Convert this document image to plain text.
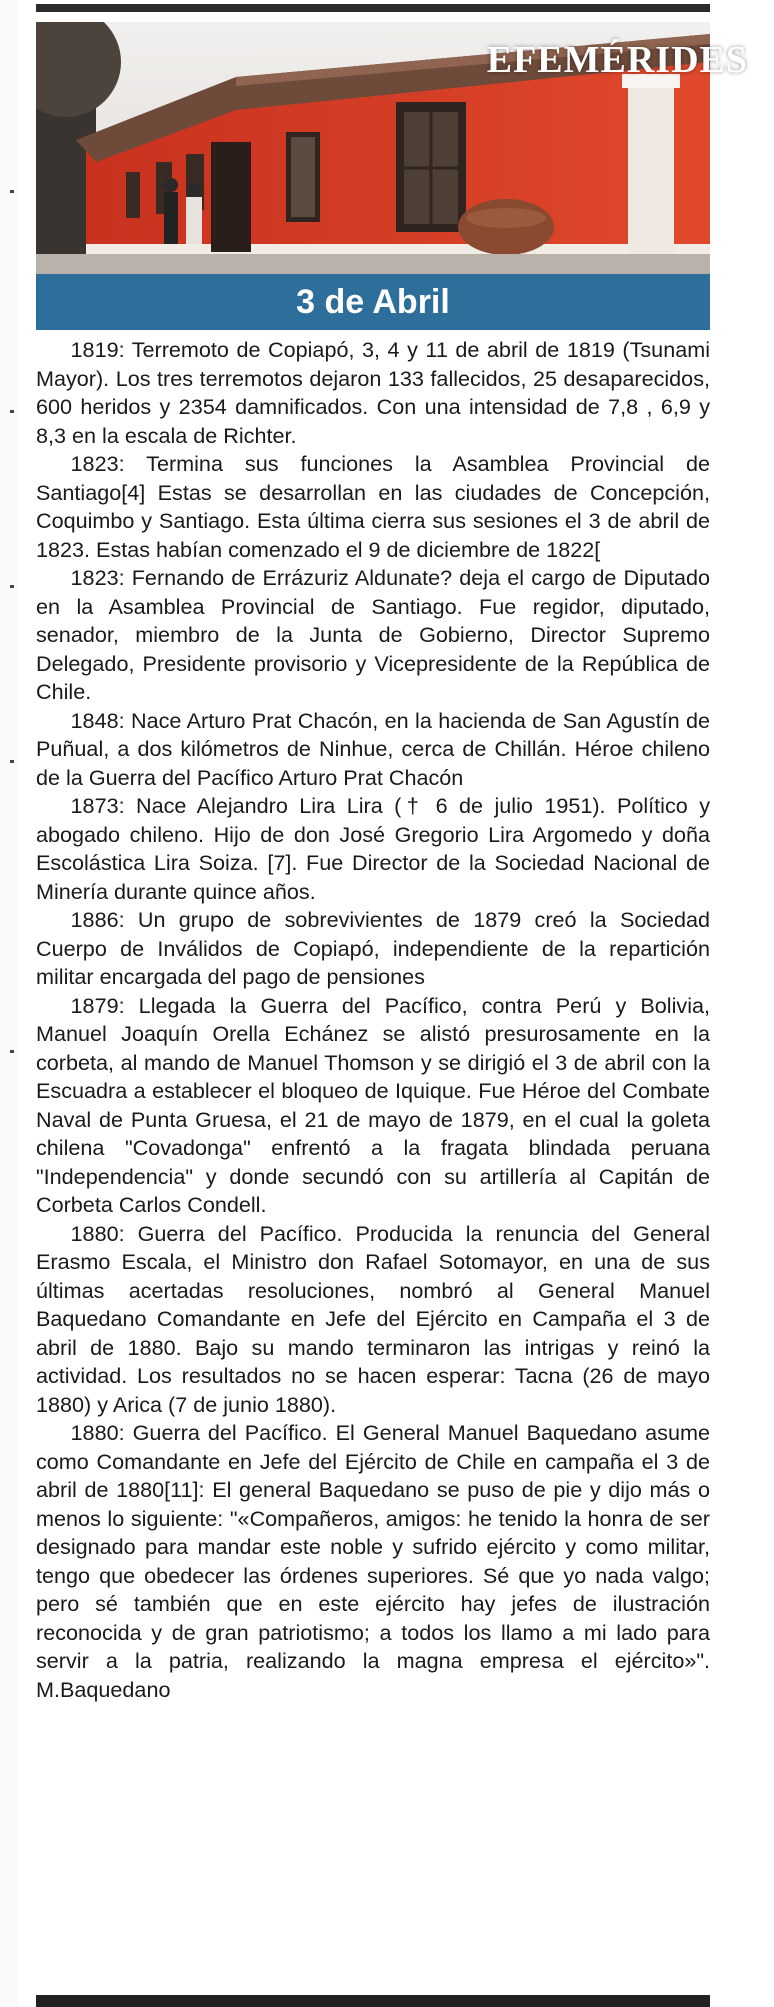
EFEMÉRIDES
3 de Abril

1819: Terremoto de Copiapó, 3, 4 y 11 de abril de 1819 (Tsunami Mayor). Los tres terremotos dejaron 133 fallecidos, 25 desaparecidos, 600 heridos y 2354 damnificados. Con una intensidad de 7,8 , 6,9 y 8,3 en la escala de Richter.

1823: Termina sus funciones la Asamblea Provincial de Santiago[4] Estas se desarrollan en las ciudades de Concepción, Coquimbo y Santiago. Esta última cierra sus sesiones el 3 de abril de 1823. Estas habían comenzado el 9 de diciembre de 1822[

1823: Fernando de Errázuriz Aldunate? deja el cargo de Diputado en la Asamblea Provincial de Santiago. Fue regidor, diputado, senador, miembro de la Junta de Gobierno, Director Supremo Delegado, Presidente provisorio y Vicepresidente de la República de Chile.

1848: Nace Arturo Prat Chacón, en la hacienda de San Agustín de Puñual, a dos kilómetros de Ninhue, cerca de Chillán. Héroe chileno de la Guerra del Pacífico Arturo Prat Chacón

1873: Nace Alejandro Lira Lira († 6 de julio 1951). Político y abogado chileno. Hijo de don José Gregorio Lira Argomedo y doña Escolástica Lira Soiza. [7]. Fue Director de la Sociedad Nacional de Minería durante quince años.

1886: Un grupo de sobrevivientes de 1879 creó la Sociedad Cuerpo de Inválidos de Copiapó, independiente de la repartición militar encargada del pago de pensiones

1879: Llegada la Guerra del Pacífico, contra Perú y Bolivia, Manuel Joaquín Orella Echánez se alistó presurosamente en la corbeta, al mando de Manuel Thomson y se dirigió el 3 de abril con la Escuadra a establecer el bloqueo de Iquique. Fue Héroe del Combate Naval de Punta Gruesa, el 21 de mayo de 1879, en el cual la goleta chilena "Covadonga" enfrentó a la fragata blindada peruana "Independencia" y donde secundó con su artillería al Capitán de Corbeta Carlos Condell.

1880: Guerra del Pacífico. Producida la renuncia del General Erasmo Escala, el Ministro don Rafael Sotomayor, en una de sus últimas acertadas resoluciones, nombró al General Manuel Baquedano Comandante en Jefe del Ejército en Campaña el 3 de abril de 1880. Bajo su mando terminaron las intrigas y reinó la actividad. Los resultados no se hacen esperar: Tacna (26 de mayo 1880) y Arica (7 de junio 1880).

1880: Guerra del Pacífico. El General Manuel Baquedano asume como Comandante en Jefe del Ejército de Chile en campaña el 3 de abril de 1880[11]: El general Baquedano se puso de pie y dijo más o menos lo siguiente: "«Compañeros, amigos: he tenido la honra de ser designado para mandar este noble y sufrido ejército y como militar, tengo que obedecer las órdenes superiores. Sé que yo nada valgo; pero sé también que en este ejército hay jefes de ilustración reconocida y de gran patriotismo; a todos los llamo a mi lado para servir a la patria, realizando la magna empresa el ejército»". M.Baquedano
